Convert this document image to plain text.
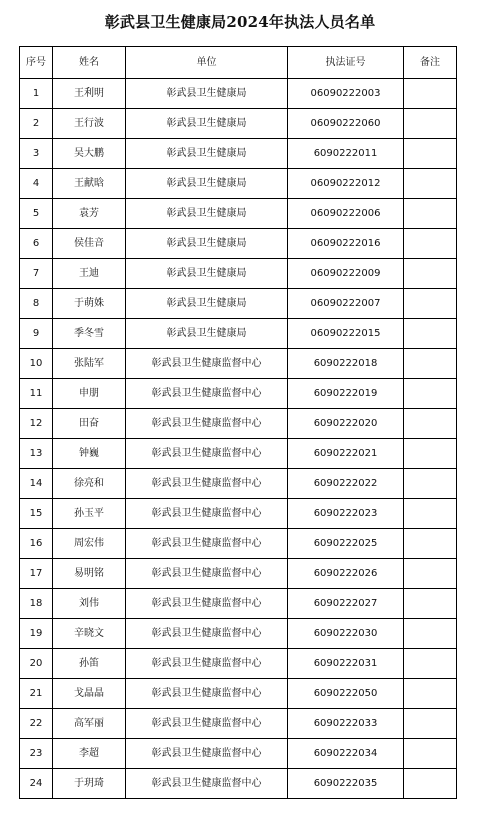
彰武县卫生健康局2024年执法人员名单
序号	姓名	单位	执法证号	备注
1	王利明	彰武县卫生健康局	06090222003	
2	王行波	彰武县卫生健康局	06090222060	
3	吴大鹏	彰武县卫生健康局	6090222011	
4	王献晗	彰武县卫生健康局	06090222012	
5	袁芳	彰武县卫生健康局	06090222006	
6	侯佳音	彰武县卫生健康局	06090222016	
7	王迪	彰武县卫生健康局	06090222009	
8	于萌姝	彰武县卫生健康局	06090222007	
9	季冬雪	彰武县卫生健康局	06090222015	
10	张陆军	彰武县卫生健康监督中心	6090222018	
11	申朋	彰武县卫生健康监督中心	6090222019	
12	田奋	彰武县卫生健康监督中心	6090222020	
13	钟巍	彰武县卫生健康监督中心	6090222021	
14	徐亮和	彰武县卫生健康监督中心	6090222022	
15	孙玉平	彰武县卫生健康监督中心	6090222023	
16	周宏伟	彰武县卫生健康监督中心	6090222025	
17	易明铭	彰武县卫生健康监督中心	6090222026	
18	刘伟	彰武县卫生健康监督中心	6090222027	
19	辛晓文	彰武县卫生健康监督中心	6090222030	
20	孙笛	彰武县卫生健康监督中心	6090222031	
21	戈晶晶	彰武县卫生健康监督中心	6090222050	
22	高军丽	彰武县卫生健康监督中心	6090222033	
23	李超	彰武县卫生健康监督中心	6090222034	
24	于玥琦	彰武县卫生健康监督中心	6090222035	
